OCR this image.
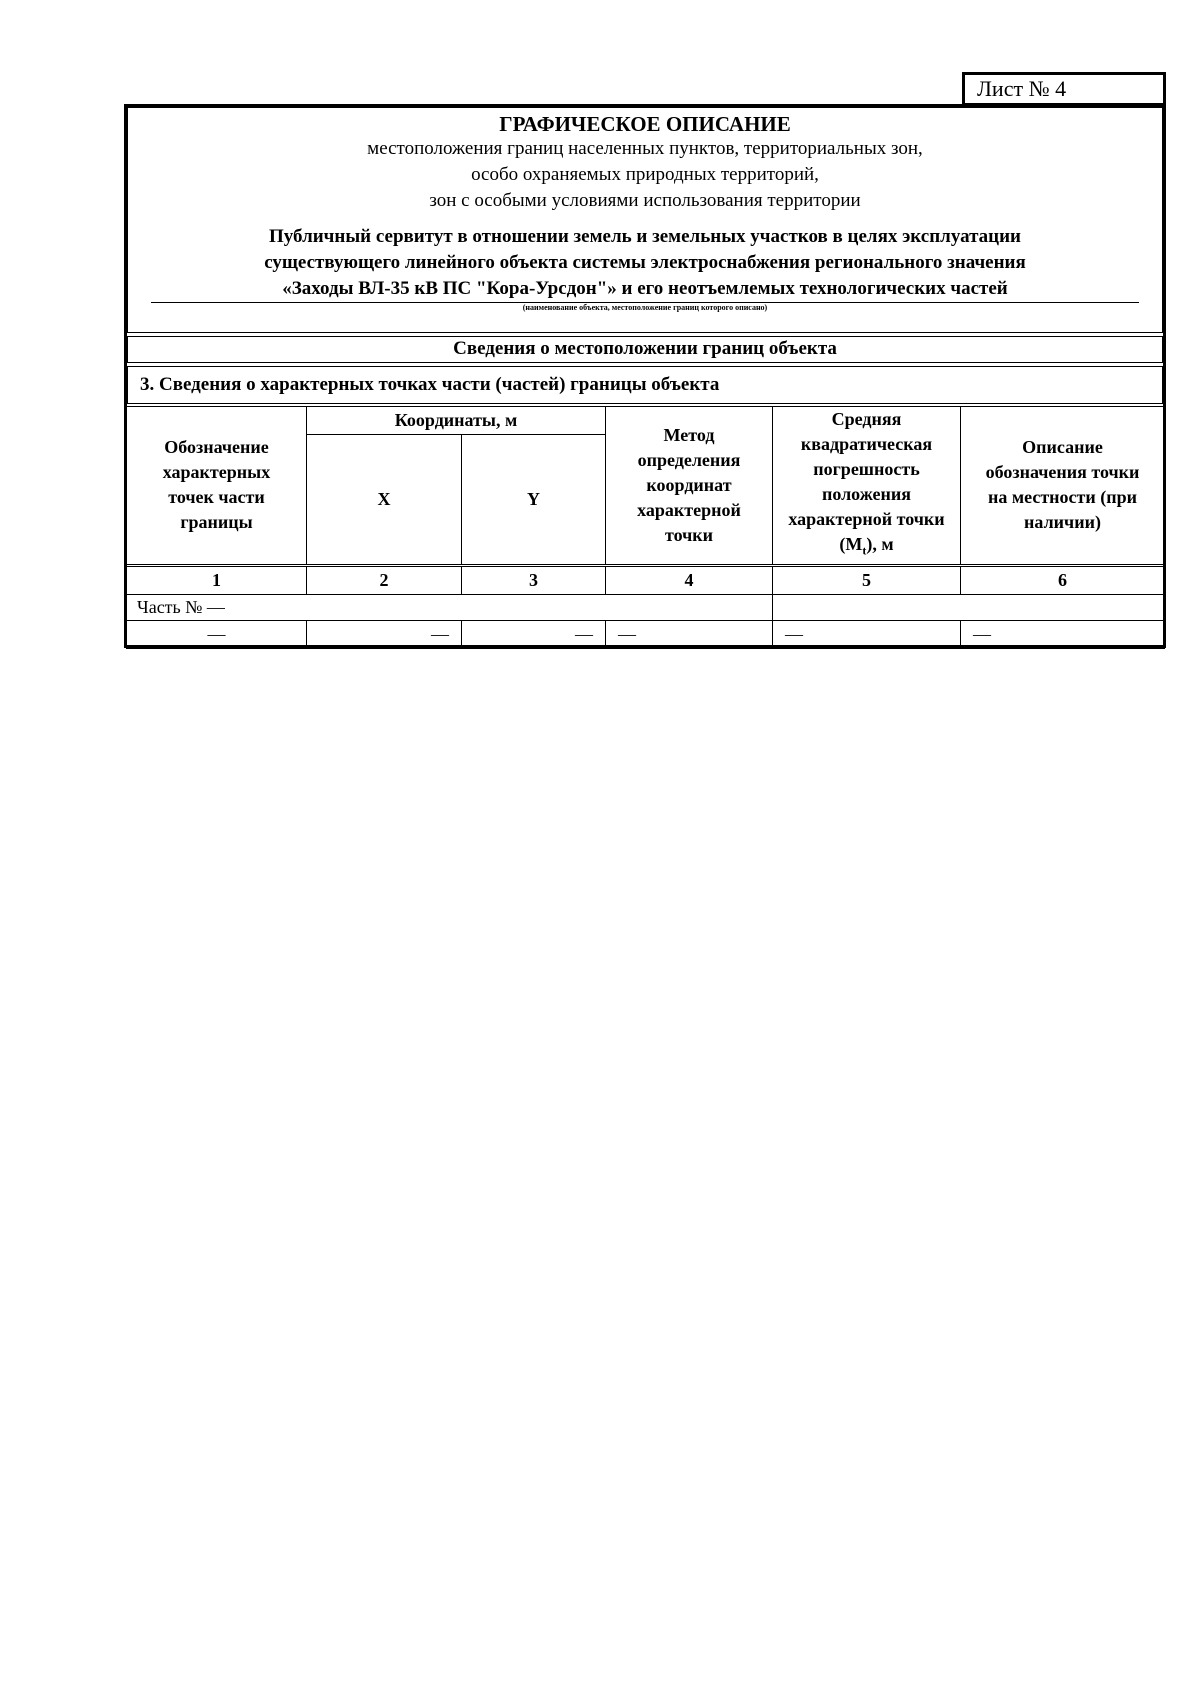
Лист № 4
ГРАФИЧЕСКОЕ ОПИСАНИЕ
местоположения границ населенных пунктов, территориальных зон,
особо охраняемых природных территорий,
зон с особыми условиями использования территории
Публичный сервитут в отношении земель и земельных участков в целях эксплуатации
существующего линейного объекта системы электроснабжения регионального значения
«Заходы ВЛ-35 кВ ПС "Кора-Урсдон"» и его неотъемлемых технологических частей
(наименование объекта, местоположение границ которого описано)
Сведения о местоположении границ объекта
3. Сведения о характерных точках части (частей) границы объекта
Обозначение характерных точек части границы	Координаты, м		Метод определения координат характерной точки	Средняя квадратическая погрешность положения характерной точки $(M_t)$, м	Описание обозначения точки на местности (при наличии)
	X	Y			
1	2	3	4	5	6
Часть № —					
—	—	—	—	—	—
